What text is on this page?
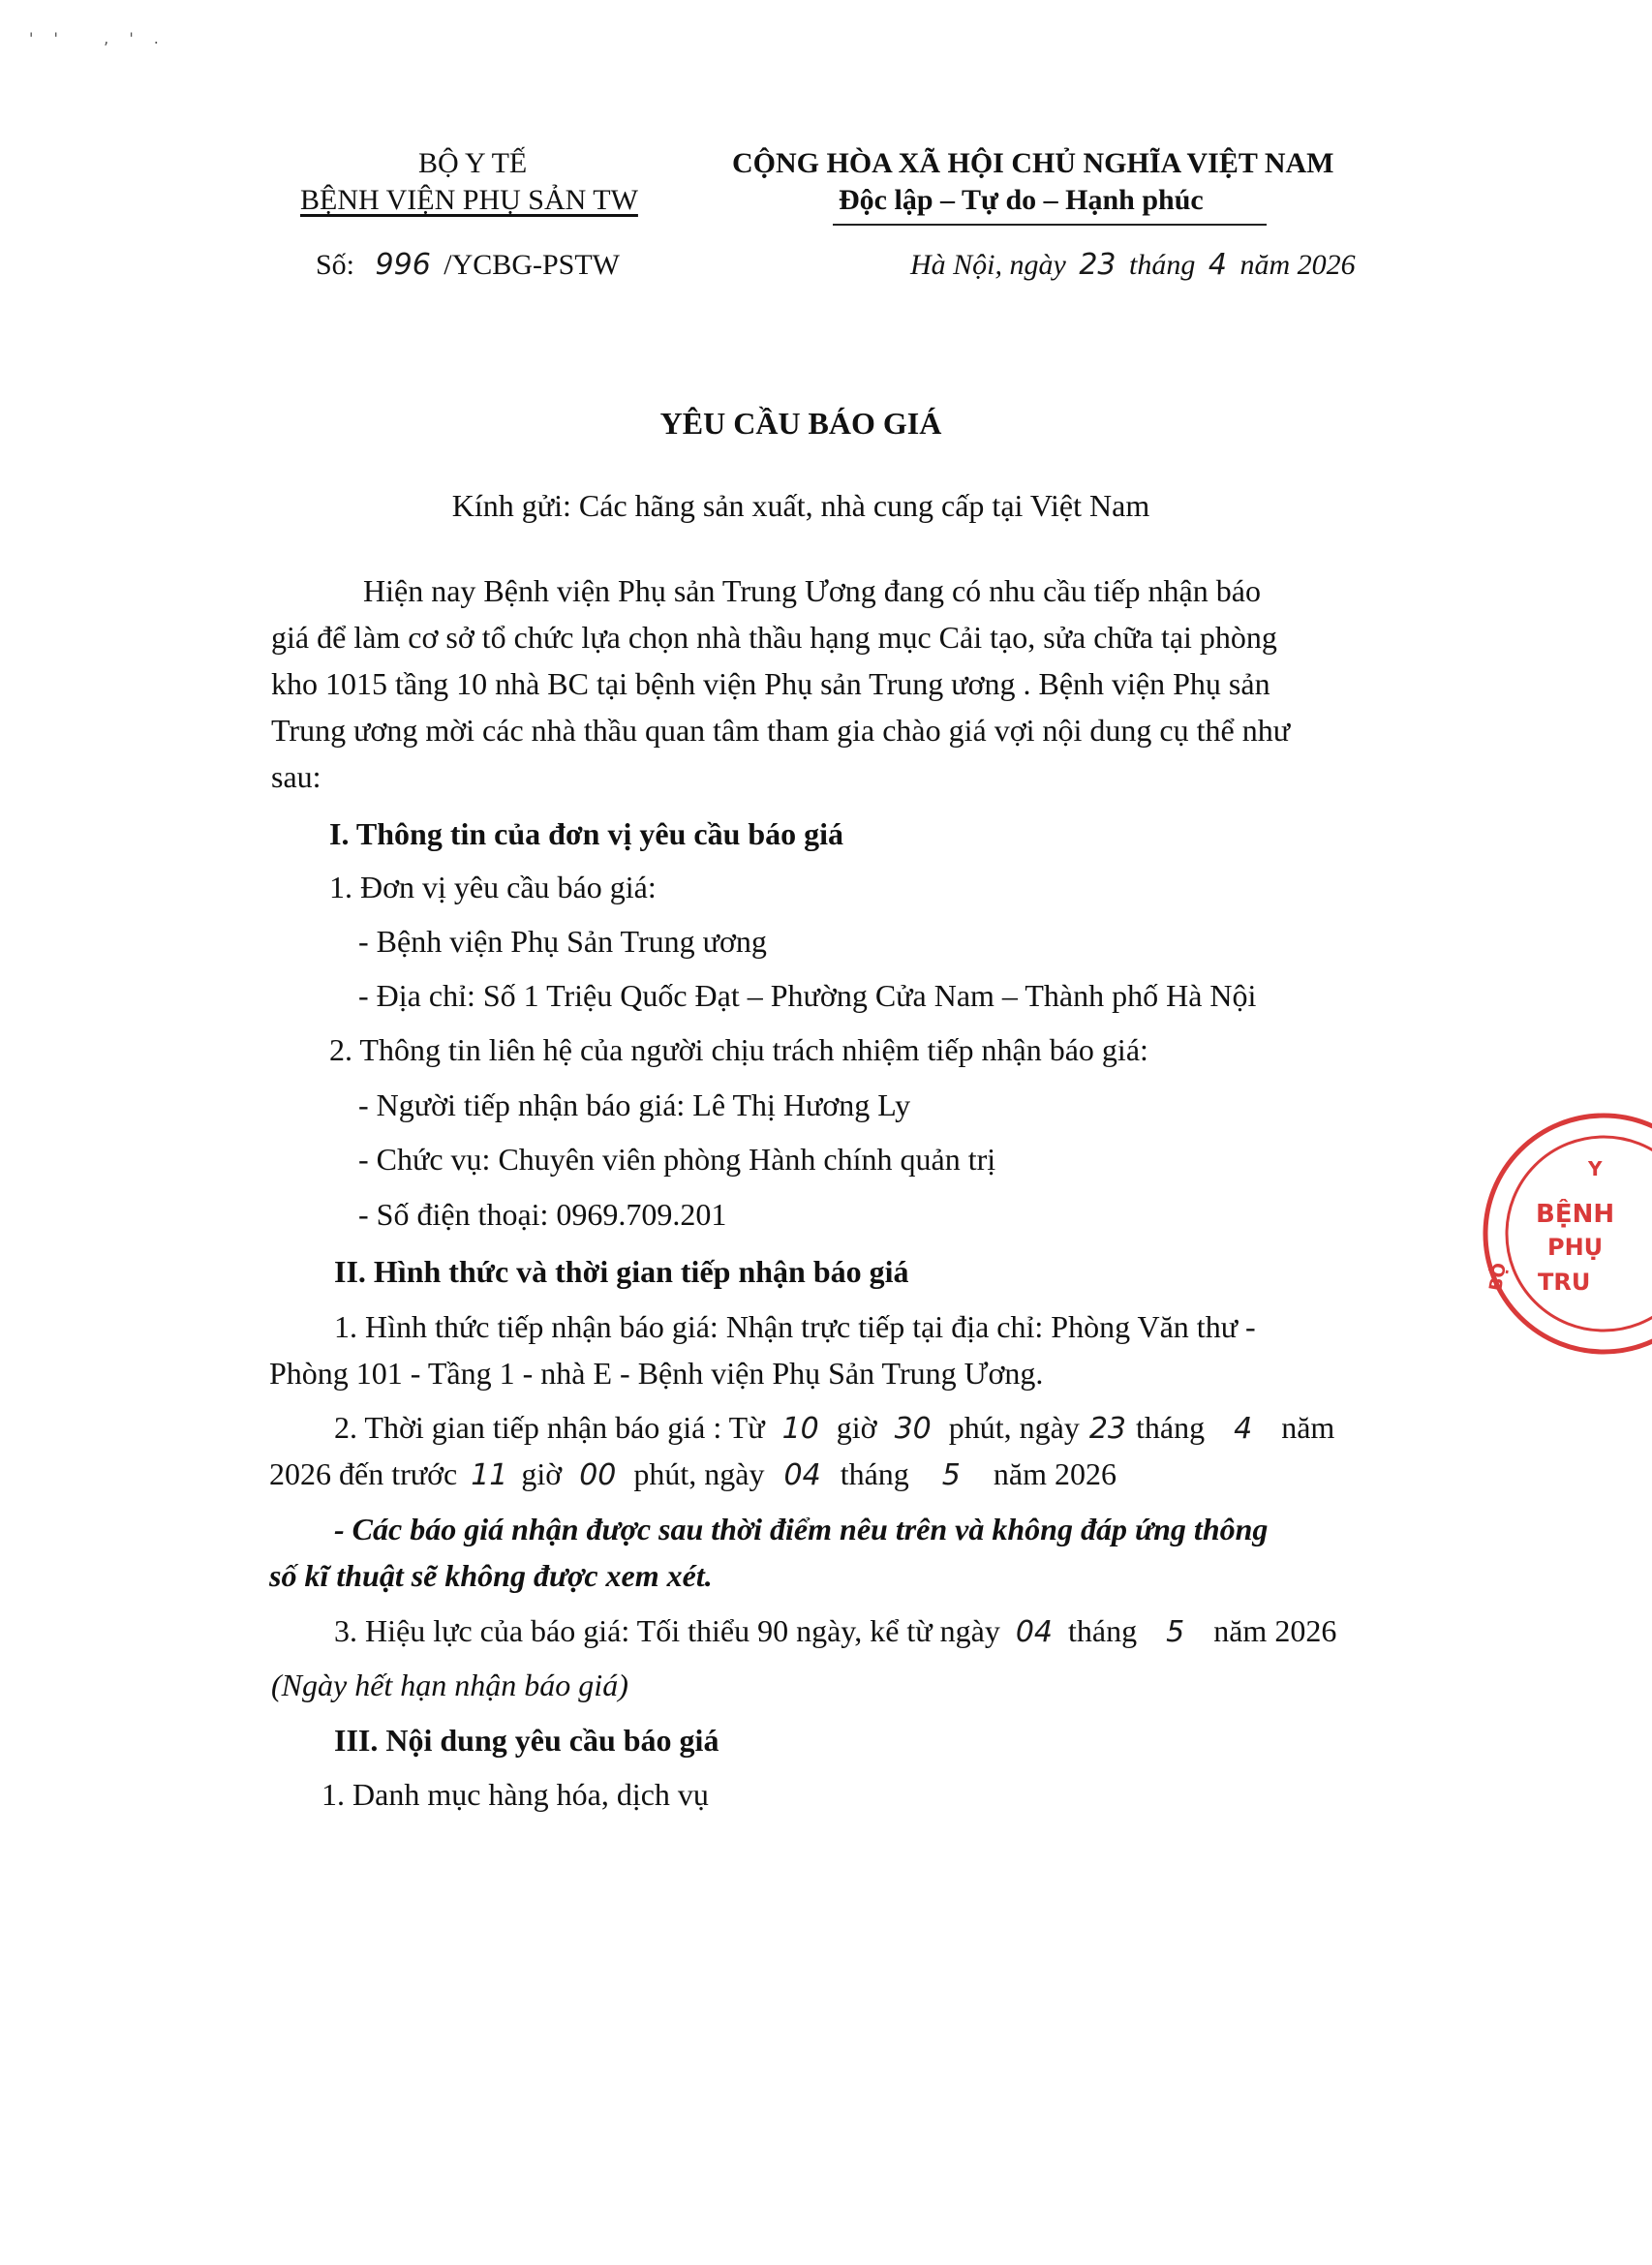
' '   , ' .
BỘ Y TẾ
BỆNH VIỆN PHỤ SẢN TW
Số: 996 /YCBG-PSTW
CỘNG HÒA XÃ HỘI CHỦ NGHĨA VIỆT NAM
Độc lập – Tự do – Hạnh phúc
Hà Nội, ngày 23 tháng 4 năm 2026
YÊU CẦU BÁO GIÁ
Kính gửi: Các hãng sản xuất, nhà cung cấp tại Việt Nam
Hiện nay Bệnh viện Phụ sản Trung Ương đang có nhu cầu tiếp nhận báo
giá để làm cơ sở tổ chức lựa chọn nhà thầu hạng mục Cải tạo, sửa chữa tại phòng
kho 1015 tầng 10 nhà BC tại bệnh viện Phụ sản Trung ương . Bệnh viện Phụ sản
Trung ương mời các nhà thầu quan tâm tham gia chào giá vợi nội dung cụ thể như
sau:
I. Thông tin của đơn vị yêu cầu báo giá
1. Đơn vị yêu cầu báo giá:
- Bệnh viện Phụ Sản Trung ương
- Địa chỉ: Số 1 Triệu Quốc Đạt – Phường Cửa Nam – Thành phố Hà Nội
2. Thông tin liên hệ của người chịu trách nhiệm tiếp nhận báo giá:
- Người tiếp nhận báo giá: Lê Thị Hương Ly
- Chức vụ: Chuyên viên phòng Hành chính quản trị
- Số điện thoại: 0969.709.201
II. Hình thức và thời gian tiếp nhận báo giá
1. Hình thức tiếp nhận báo giá: Nhận trực tiếp tại địa chỉ: Phòng Văn thư -
Phòng 101 - Tầng 1 - nhà E - Bệnh viện Phụ Sản Trung Ương.
2. Thời gian tiếp nhận báo giá : Từ 10 giờ 30 phút, ngày 23 tháng 4 năm
2026 đến trước 11 giờ 00 phút, ngày 04 tháng 5 năm 2026
- Các báo giá nhận được sau thời điểm nêu trên và không đáp ứng thông
số kĩ thuật sẽ không được xem xét.
3. Hiệu lực của báo giá: Tối thiểu 90 ngày, kể từ ngày 04 tháng 5 năm 2026
(Ngày hết hạn nhận báo giá)
III. Nội dung yêu cầu báo giá
1. Danh mục hàng hóa, dịch vụ
Y
BỆNH
PHỤ
TRU
BỘ
